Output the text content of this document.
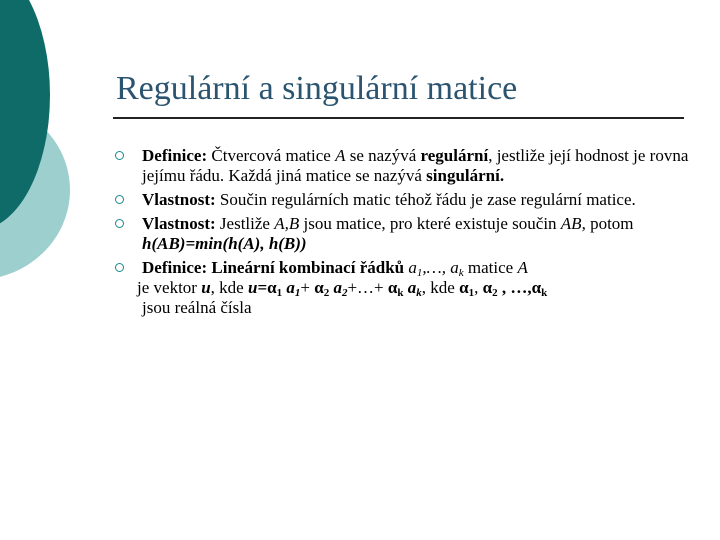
Regulární a singulární matice
Definice: Čtvercová matice A se nazývá regulární, jestliže její hodnost je rovna jejímu řádu. Každá jiná matice se nazývá singulární.
Vlastnost: Součin regulárních matic téhož řádu je zase regulární matice.
Vlastnost: Jestliže A,B jsou matice, pro které existuje součin AB, potom h(AB)=min(h(A), h(B))
Definice: Lineární kombinací řádků $a_1,\dots$, $a_k$ matice A
je vektor u, kde $u=\alpha_1$ $a_1+ \alpha_2$ $a_2+\dots+ \alpha_k$ $a_k$, kde $\alpha_1$, $\alpha_2$ , $\dots,\alpha_k$
jsou reálná čísla
